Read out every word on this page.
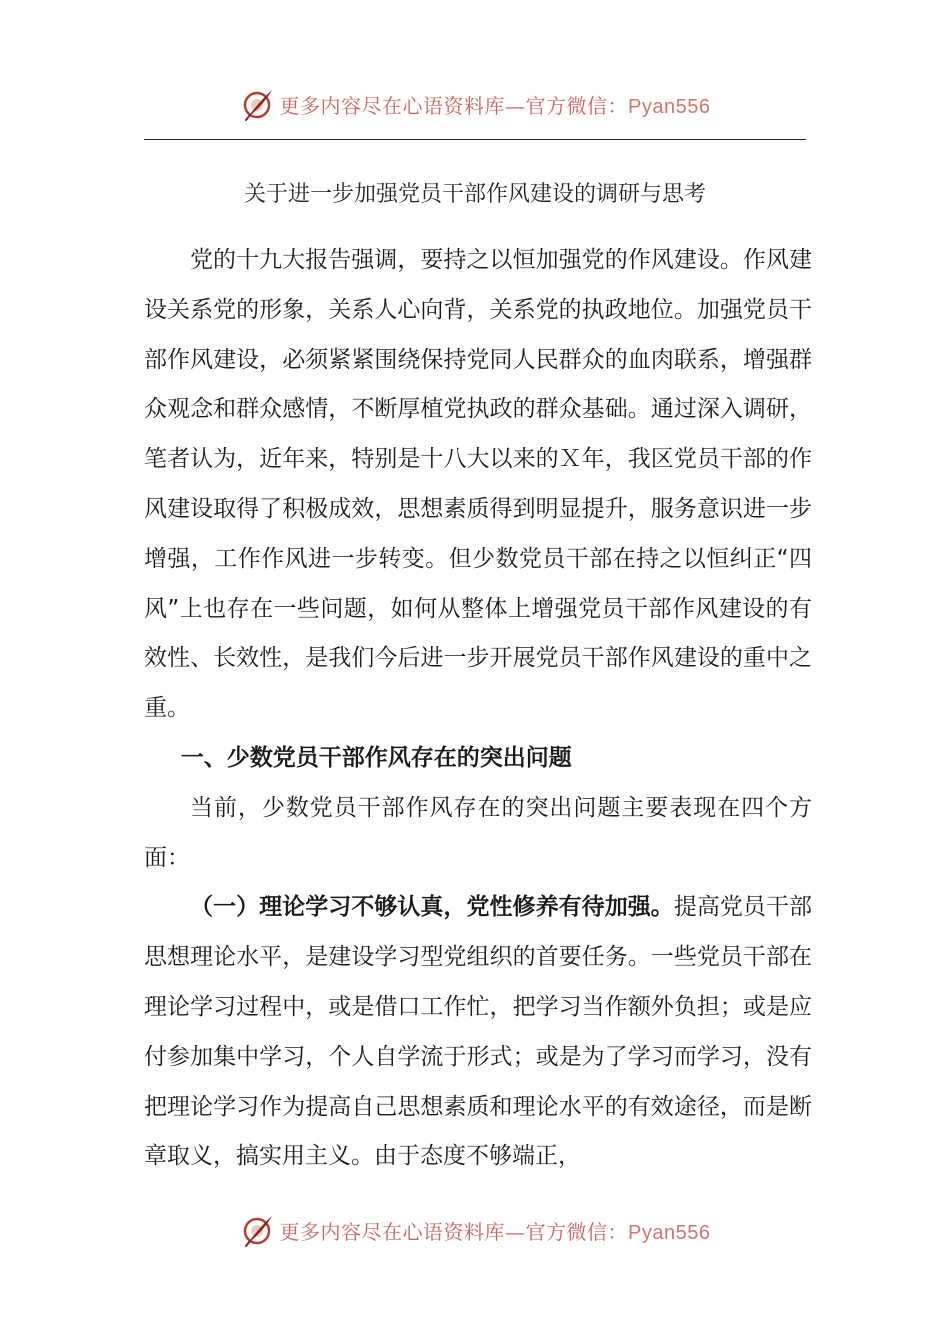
更多内容尽在心语资料库—官方微信：Pyan556
关于进一步加强党员干部作风建设的调研与思考

党的十九大报告强调，要持之以恒加强党的作风建设。作风建设关系党的形象，关系人心向背，关系党的执政地位。加强党员干部作风建设，必须紧紧围绕保持党同人民群众的血肉联系，增强群众观念和群众感情，不断厚植党执政的群众基础。通过深入调研，笔者认为，近年来，特别是十八大以来的Ｘ年，我区党员干部的作风建设取得了积极成效，思想素质得到明显提升，服务意识进一步增强，工作作风进一步转变。但少数党员干部在持之以恒纠正“四风”上也存在一些问题，如何从整体上增强党员干部作风建设的有效性、长效性，是我们今后进一步开展党员干部作风建设的重中之重。

一、少数党员干部作风存在的突出问题

当前，少数党员干部作风存在的突出问题主要表现在四个方面：

（一）理论学习不够认真，党性修养有待加强。提高党员干部思想理论水平，是建设学习型党组织的首要任务。一些党员干部在理论学习过程中，或是借口工作忙，把学习当作额外负担；或是应付参加集中学习，个人自学流于形式；或是为了学习而学习，没有把理论学习作为提高自己思想素质和理论水平的有效途径，而是断章取义，搞实用主义。由于态度不够端正，

更多内容尽在心语资料库—官方微信：Pyan556
